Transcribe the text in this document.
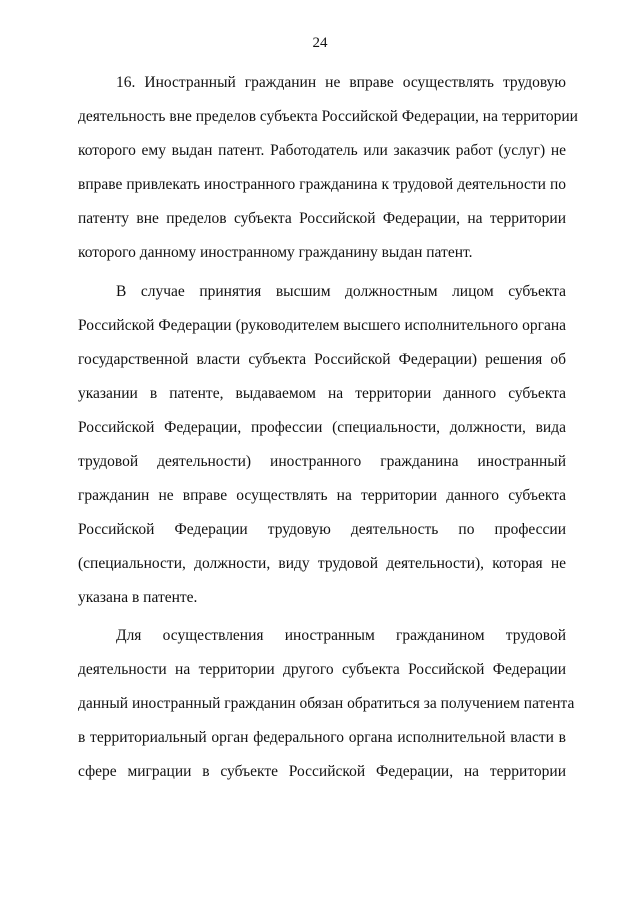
24
16. Иностранный гражданин не вправе осуществлять трудовую
деятельность вне пределов субъекта Российской Федерации, на территории
которого ему выдан патент. Работодатель или заказчик работ (услуг) не
вправе привлекать иностранного гражданина к трудовой деятельности по
патенту вне пределов субъекта Российской Федерации, на территории
которого данному иностранному гражданину выдан патент.
В случае принятия высшим должностным лицом субъекта
Российской Федерации (руководителем высшего исполнительного органа
государственной власти субъекта Российской Федерации) решения об
указании в патенте, выдаваемом на территории данного субъекта
Российской Федерации, профессии (специальности, должности, вида
трудовой деятельности) иностранного гражданина иностранный
гражданин не вправе осуществлять на территории данного субъекта
Российской Федерации трудовую деятельность по профессии
(специальности, должности, виду трудовой деятельности), которая не
указана в патенте.
Для осуществления иностранным гражданином трудовой
деятельности на территории другого субъекта Российской Федерации
данный иностранный гражданин обязан обратиться за получением патента
в территориальный орган федерального органа исполнительной власти в
сфере миграции в субъекте Российской Федерации, на территории
